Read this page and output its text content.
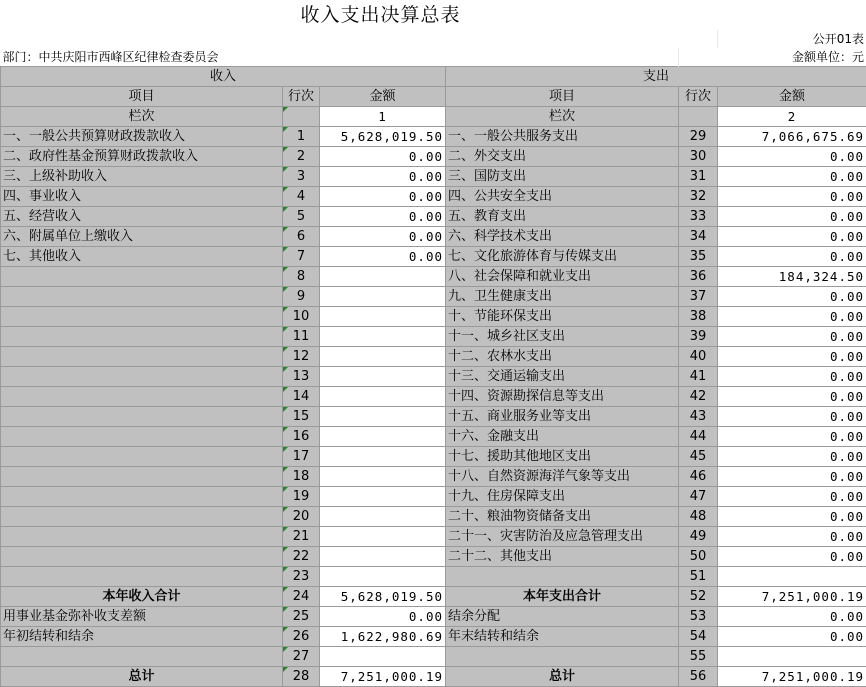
收入支出决算总表					
					公开01表
部门：中共庆阳市西峰区纪律检查委员会				金额单位：元	
收入			支出		
项目	行次	金额	项目	行次	金额
栏次		1	栏次		2
一、一般公共预算财政拨款收入	1	5,628,019.50	一、一般公共服务支出	29	7,066,675.69
二、政府性基金预算财政拨款收入	2	0.00	二、外交支出	30	0.00
三、上级补助收入	3	0.00	三、国防支出	31	0.00
四、事业收入	4	0.00	四、公共安全支出	32	0.00
五、经营收入	5	0.00	五、教育支出	33	0.00
六、附属单位上缴收入	6	0.00	六、科学技术支出	34	0.00
七、其他收入	7	0.00	七、文化旅游体育与传媒支出	35	0.00
	8		八、社会保障和就业支出	36	184,324.50
	9		九、卫生健康支出	37	0.00
	10		十、节能环保支出	38	0.00
	11		十一、城乡社区支出	39	0.00
	12		十二、农林水支出	40	0.00
	13		十三、交通运输支出	41	0.00
	14		十四、资源勘探信息等支出	42	0.00
	15		十五、商业服务业等支出	43	0.00
	16		十六、金融支出	44	0.00
	17		十七、援助其他地区支出	45	0.00
	18		十八、自然资源海洋气象等支出	46	0.00
	19		十九、住房保障支出	47	0.00
	20		二十、粮油物资储备支出	48	0.00
	21		二十一、灾害防治及应急管理支出	49	0.00
	22		二十二、其他支出	50	0.00
	23			51	
本年收入合计	24	5,628,019.50	本年支出合计	52	7,251,000.19
用事业基金弥补收支差额	25	0.00	结余分配	53	0.00
年初结转和结余	26	1,622,980.69	年末结转和结余	54	0.00
	27			55	
总计	28	7,251,000.19	总计	56	7,251,000.19
